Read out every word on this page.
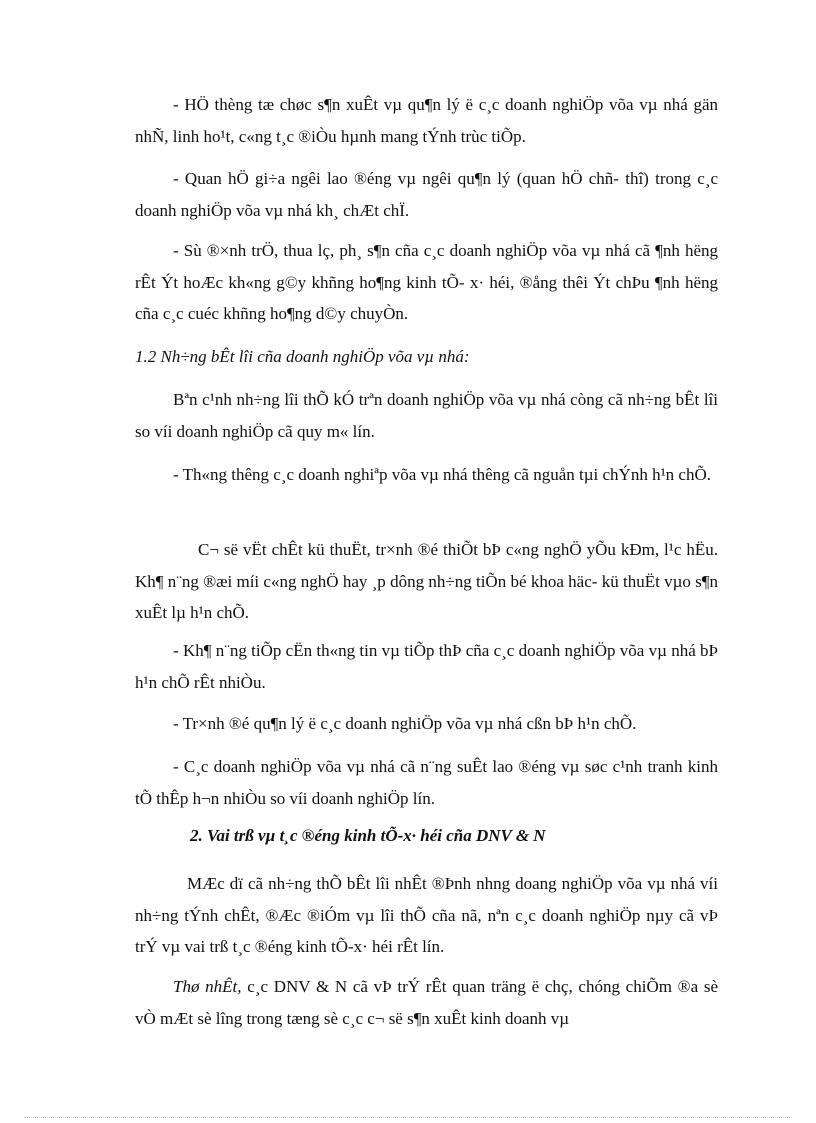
- HÖ thèng tæ chøc s¶n xuÊt vµ qu¶n lý ë c¸c doanh nghiÖp võa vµ nhá gän nhÑ, linh ho¹t, c«ng t¸c ®iÒu hµnh mang tÝnh trùc tiÕp.

- Quan hÖ gi÷a ngêi lao ®éng vµ ngêi qu¶n lý (quan hÖ chñ- thî) trong c¸c doanh nghiÖp võa vµ nhá kh¸ chÆt chÏ.

- Sù ®×nh trÖ, thua lç, ph¸ s¶n cña c¸c doanh nghiÖp võa vµ nhá cã ¶nh hëng rÊt Ýt hoÆc kh«ng g©y khñng ho¶ng kinh tÕ- x· héi, ®ång thêi Ýt chÞu ¶nh hëng cña c¸c cuéc khñng ho¶ng d©y chuyÒn.

1.2 Nh÷ng bÊt lîi cña doanh nghiÖp võa vµ nhá:

Bªn c¹nh nh÷ng lîi thÕ kÓ trªn doanh nghiÖp võa vµ nhá còng cã nh÷ng bÊt lîi so víi doanh nghiÖp cã quy m« lín.

- Th«ng thêng c¸c doanh nghiªp võa vµ nhá thêng cã nguån tµi chÝnh h¹n chÕ.

C¬ së vËt chÊt kü thuËt, tr×nh ®é thiÕt bÞ c«ng nghÖ yÕu kÐm, l¹c hËu. Kh¶ n¨ng ®æi míi c«ng nghÖ hay ¸p dông nh÷ng tiÕn bé khoa häc- kü thuËt vµo s¶n xuÊt lµ h¹n chÕ.

- Kh¶ n¨ng tiÕp cËn th«ng tin vµ tiÕp thÞ cña c¸c doanh nghiÖp võa vµ nhá bÞ h¹n chÕ rÊt nhiÒu.

- Tr×nh ®é qu¶n lý ë c¸c doanh nghiÖp võa vµ nhá cßn bÞ h¹n chÕ.

- C¸c doanh nghiÖp võa vµ nhá cã n¨ng suÊt lao ®éng vµ søc c¹nh tranh kinh tÕ thÊp h¬n nhiÒu so víi doanh nghiÖp lín.

2. Vai trß vµ t¸c ®éng kinh tÕ-x· héi cña DNV & N

MÆc dï cã nh÷ng thÕ bÊt lîi nhÊt ®Þnh nhng doang nghiÖp võa vµ nhá víi nh÷ng tÝnh chÊt, ®Æc ®iÓm vµ lîi thÕ cña nã, nªn c¸c doanh nghiÖp nµy cã vÞ trÝ vµ vai trß t¸c ®éng kinh tÕ-x· héi rÊt lín.

Thø nhÊt, c¸c DNV & N cã vÞ trÝ rÊt quan träng ë chç, chóng chiÕm ®a sè vÒ mÆt sè lîng trong tæng sè c¸c c¬ së s¶n xuÊt kinh doanh vµ
